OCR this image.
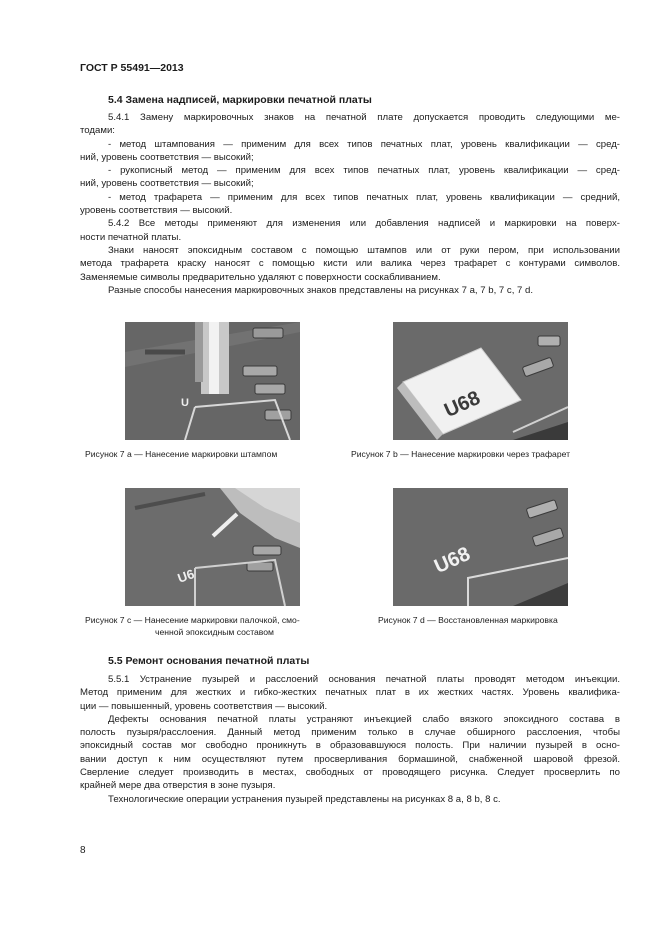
ГОСТ Р 55491—2013
5.4 Замена надписей, маркировки печатной платы
5.4.1 Замену маркировочных знаков на печатной плате допускается проводить следующими ме-
тодами:
- метод штампования — применим для всех типов печатных плат, уровень квалификации — сред-
ний, уровень соответствия — высокий;
- рукописный метод — применим для всех типов печатных плат, уровень квалификации — сред-
ний, уровень соответствия — высокий;
- метод трафарета — применим для всех типов печатных плат, уровень квалификации — средний,
уровень соответствия — высокий.
5.4.2 Все методы применяют для изменения или добавления надписей и маркировки на поверх-
ности печатной платы.
Знаки наносят эпоксидным составом с помощью штампов или от руки пером, при использовании
метода трафарета краску наносят с помощью кисти или валика через трафарет с контурами символов.
Заменяемые символы предварительно удаляют с поверхности соскабливанием.
Разные способы нанесения маркировочных знаков представлены на рисунках 7 а, 7 b, 7 c, 7 d.
U
Рисунок 7 а — Нанесение маркировки штампом
U68
Рисунок 7 b — Нанесение маркировки через трафарет
U6
Рисунок 7 c — Нанесение маркировки палочкой, смо-
ченной эпоксидным составом
U68
Рисунок 7 d — Восстановленная маркировка
5.5 Ремонт основания печатной платы
5.5.1 Устранение пузырей и расслоений основания печатной платы проводят методом инъекции.
Метод применим для жестких и гибко-жестких печатных плат в их жестких частях. Уровень квалифика-
ции — повышенный, уровень соответствия — высокий.
Дефекты основания печатной платы устраняют инъекцией слабо вязкого эпоксидного состава в
полость пузыря/расслоения. Данный метод применим только в случае обширного расслоения, чтобы
эпоксидный состав мог свободно проникнуть в образовавшуюся полость. При наличии пузырей в осно-
вании доступ к ним осуществляют путем просверливания бормашиной, снабженной шаровой фрезой.
Сверление следует производить в местах, свободных от проводящего рисунка. Следует просверлить по
крайней мере два отверстия в зоне пузыря.
Технологические операции устранения пузырей представлены на рисунках 8 а, 8 b, 8 c.
8
